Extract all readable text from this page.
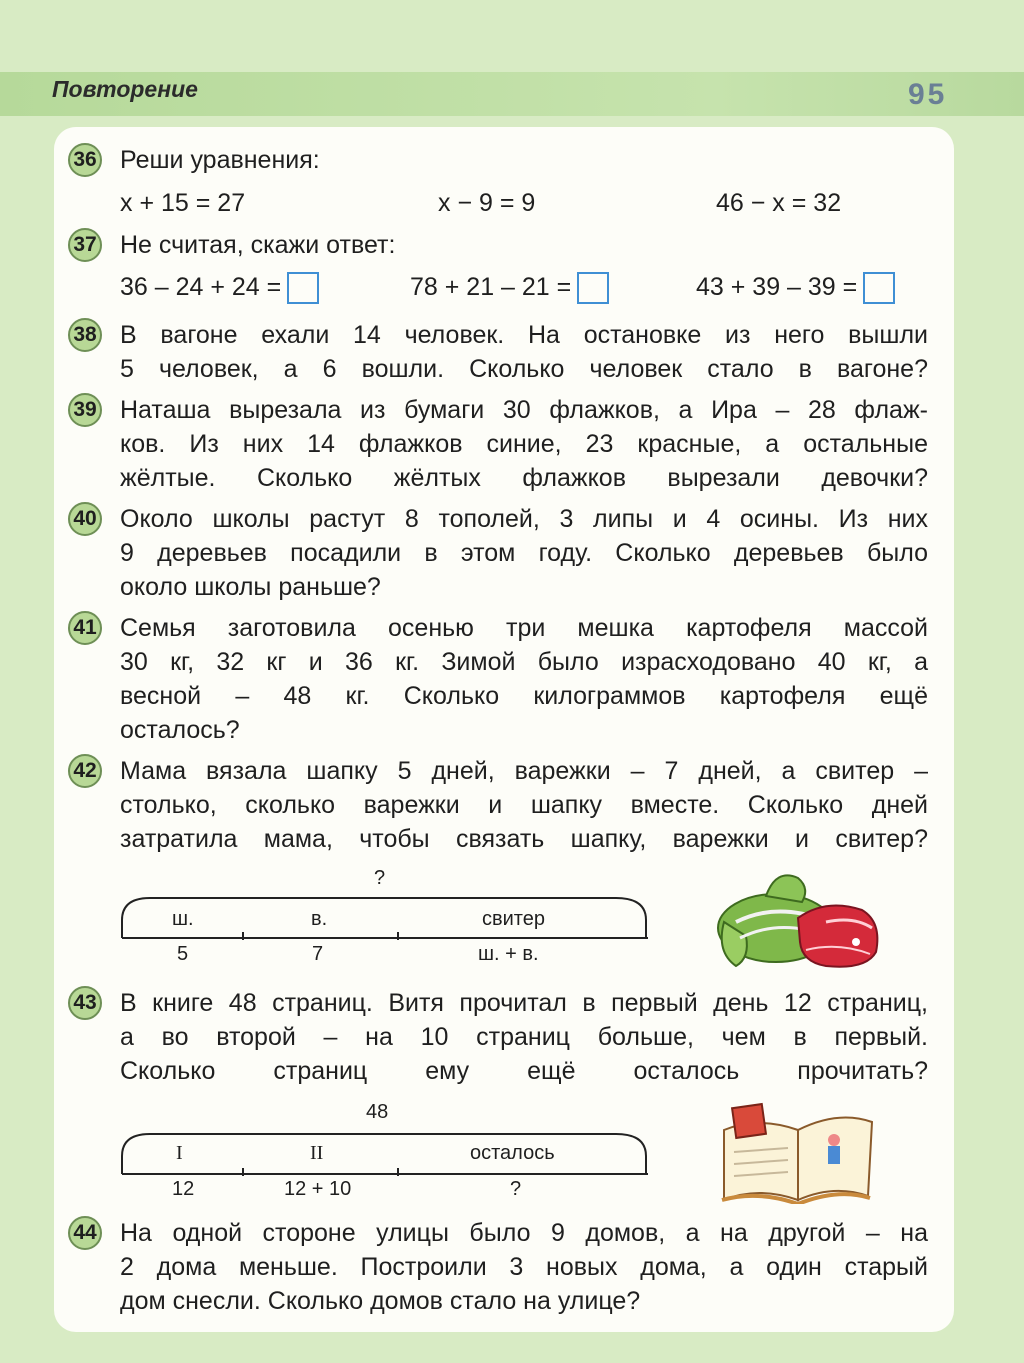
Повторение	95
36 Реши уравнения:
x + 15 = 27	x − 9 = 9	46 − x = 32
37 Не считая, скажи ответ:
36 – 24 + 24 =	78 + 21 – 21 =	43 + 39 – 39 =
38 В вагоне ехали 14 человек. На остановке из него вышли
5 человек, а 6 вошли. Сколько человек стало в вагоне?
39 Наташа вырезала из бумаги 30 флажков, а Ира – 28 флаж-
ков. Из них 14 флажков синие, 23 красные, а остальные
жёлтые. Сколько жёлтых флажков вырезали девочки?
40 Около школы растут 8 тополей, 3 липы и 4 осины. Из них
9 деревьев посадили в этом году. Сколько деревьев было
около школы раньше?
41 Семья заготовила осенью три мешка картофеля массой
30 кг, 32 кг и 36 кг. Зимой было израсходовано 40 кг, а
весной – 48 кг. Сколько килограммов картофеля ещё
осталось?
42 Мама вязала шапку 5 дней, варежки – 7 дней, а свитер –
столько, сколько варежки и шапку вместе. Сколько дней
затратила мама, чтобы связать шапку, варежки и свитер?
?
ш.	в.	свитер
5	7	ш. + в.
43 В книге 48 страниц. Витя прочитал в первый день 12 страниц,
а во второй – на 10 страниц больше, чем в первый.
Сколько страниц ему ещё осталось прочитать?
48
I	II	осталось
12	12 + 10	?
44 На одной стороне улицы было 9 домов, а на другой – на
2 дома меньше. Построили 3 новых дома, а один старый
дом снесли. Сколько домов стало на улице?
